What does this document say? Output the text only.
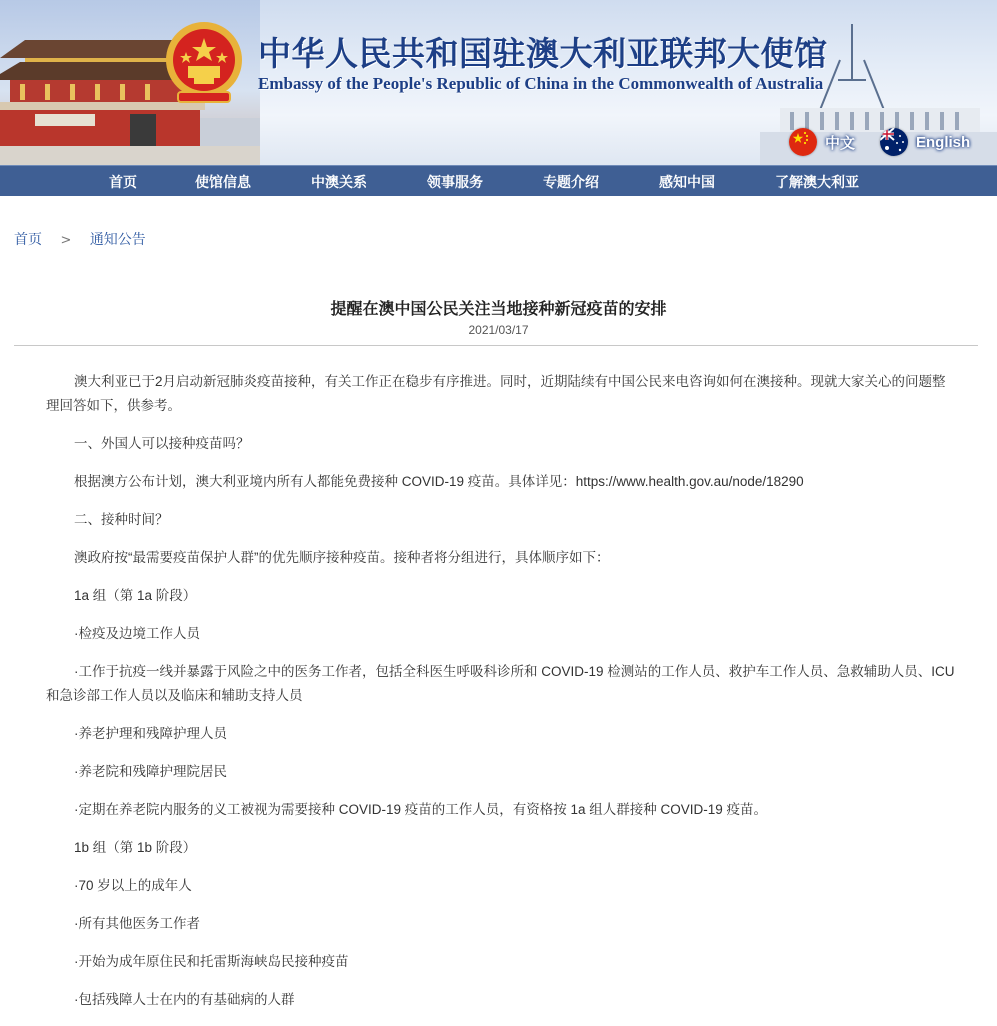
中华人民共和国驻澳大利亚联邦大使馆
Embassy of the People's Republic of China in the Commonwealth of Australia
中文	English
首页	使馆信息	中澳关系	领事服务	专题介绍	感知中国	了解澳大利亚
首页 > 通知公告
提醒在澳中国公民关注当地接种新冠疫苗的安排
2021/03/17

澳大利亚已于2月启动新冠肺炎疫苗接种，有关工作正在稳步有序推进。同时，近期陆续有中国公民来电咨询如何在澳接种。现就大家关心的问题整理回答如下，供参考。

一、外国人可以接种疫苗吗？

根据澳方公布计划，澳大利亚境内所有人都能免费接种 COVID-19 疫苗。具体详见：https://www.health.gov.au/node/18290

二、接种时间？

澳政府按“最需要疫苗保护人群”的优先顺序接种疫苗。接种者将分组进行，具体顺序如下：

1a 组（第 1a 阶段）

·检疫及边境工作人员

·工作于抗疫一线并暴露于风险之中的医务工作者，包括全科医生呼吸科诊所和 COVID-19 检测站的工作人员、救护车工作人员、急救辅助人员、ICU 和急诊部工作人员以及临床和辅助支持人员

·养老护理和残障护理人员

·养老院和残障护理院居民

·定期在养老院内服务的义工被视为需要接种 COVID-19 疫苗的工作人员，有资格按 1a 组人群接种 COVID-19 疫苗。

1b 组（第 1b 阶段）

·70 岁以上的成年人

·所有其他医务工作者

·开始为成年原住民和托雷斯海峡岛民接种疫苗

·包括残障人士在内的有基础病的人群
